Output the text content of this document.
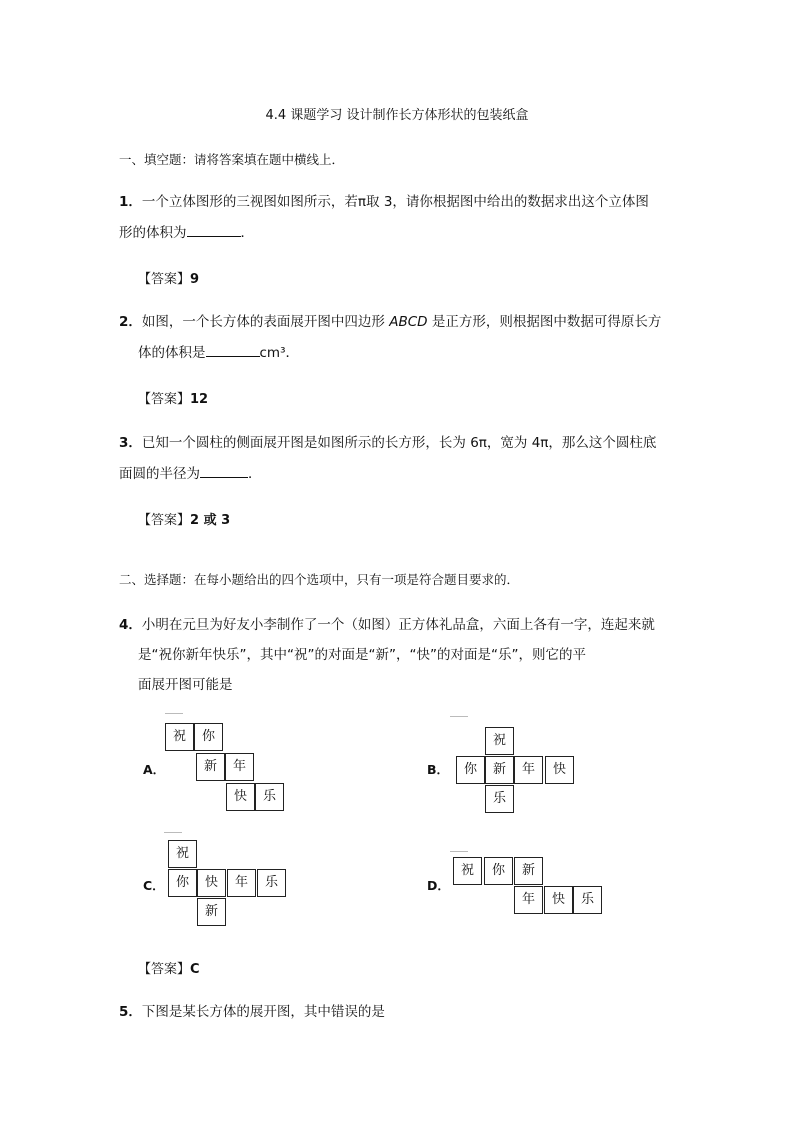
4.4 课题学习 设计制作长方体形状的包装纸盒
一、填空题：请将答案填在题中横线上．
1．一个立体图形的三视图如图所示，若π取 3，请你根据图中给出的数据求出这个立体图
形的体积为	．
【答案】9
2．如图，一个长方体的表面展开图中四边形 ABCD 是正方形，则根据图中数据可得原长方
体的体积是	cm³．
【答案】12
3．已知一个圆柱的侧面展开图是如图所示的长方形，长为 6π，宽为 4π，那么这个圆柱底
面圆的半径为	．
【答案】2 或 3
二、选择题：在每小题给出的四个选项中，只有一项是符合题目要求的．
4．小明在元旦为好友小李制作了一个（如图）正方体礼品盒，六面上各有一字，连起来就
是“祝你新年快乐”，其中“祝”的对面是“新”，“快”的对面是“乐”，则它的平
面展开图可能是
A．
祝	你
新	年
快	乐
B．
祝
你	新	年	快
乐
C．
祝
你	快	年	乐
新
D．
祝	你	新
年	快	乐
【答案】C
5．下图是某长方体的展开图，其中错误的是
